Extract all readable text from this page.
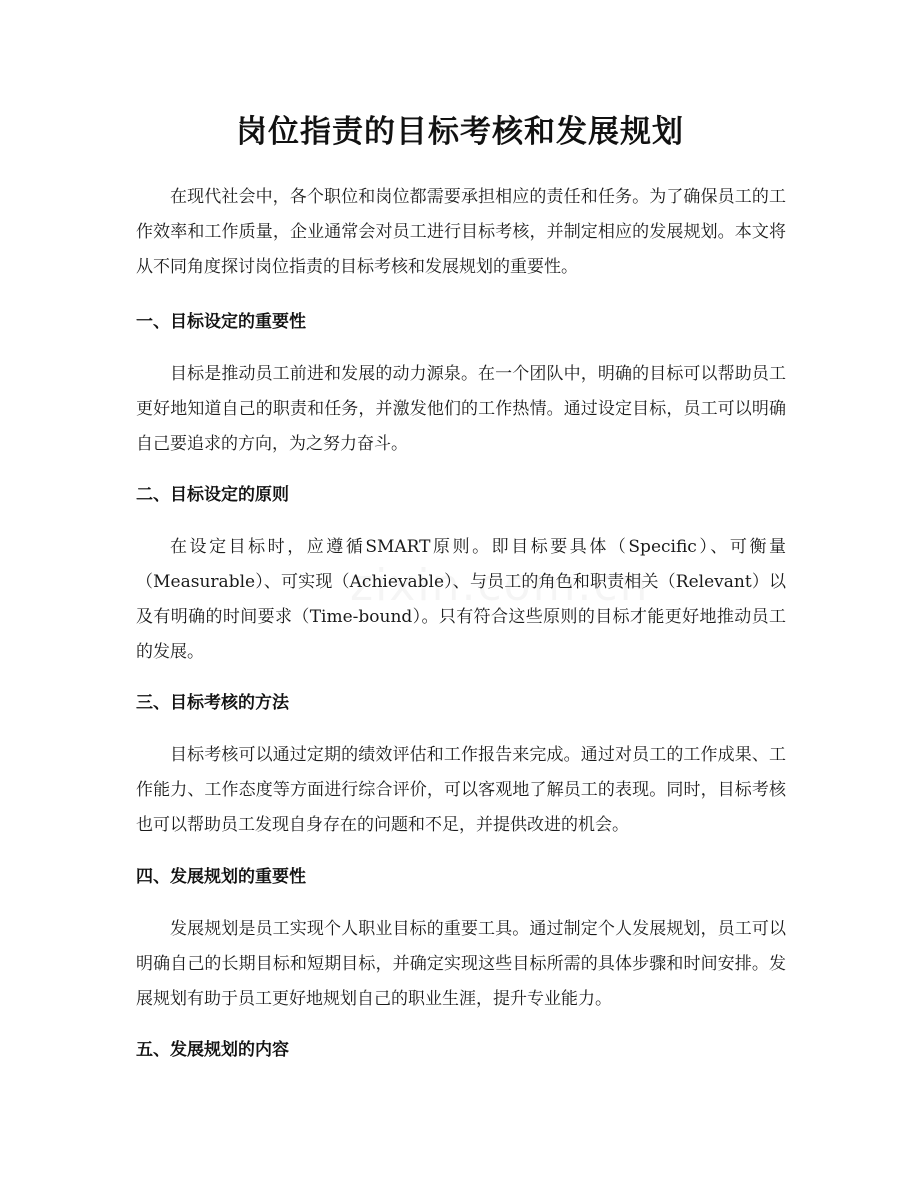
岗位指责的目标考核和发展规划

在现代社会中，各个职位和岗位都需要承担相应的责任和任务。为了确保员工的工作效率和工作质量，企业通常会对员工进行目标考核，并制定相应的发展规划。本文将从不同角度探讨岗位指责的目标考核和发展规划的重要性。

一、目标设定的重要性

目标是推动员工前进和发展的动力源泉。在一个团队中，明确的目标可以帮助员工更好地知道自己的职责和任务，并激发他们的工作热情。通过设定目标，员工可以明确自己要追求的方向，为之努力奋斗。

二、目标设定的原则

在设定目标时，应遵循SMART原则。即目标要具体（Specific）、可衡量（Measurable）、可实现（Achievable）、与员工的角色和职责相关（Relevant）以及有明确的时间要求（Time-bound）。只有符合这些原则的目标才能更好地推动员工的发展。

三、目标考核的方法

目标考核可以通过定期的绩效评估和工作报告来完成。通过对员工的工作成果、工作能力、工作态度等方面进行综合评价，可以客观地了解员工的表现。同时，目标考核也可以帮助员工发现自身存在的问题和不足，并提供改进的机会。

四、发展规划的重要性

发展规划是员工实现个人职业目标的重要工具。通过制定个人发展规划，员工可以明确自己的长期目标和短期目标，并确定实现这些目标所需的具体步骤和时间安排。发展规划有助于员工更好地规划自己的职业生涯，提升专业能力。

五、发展规划的内容
